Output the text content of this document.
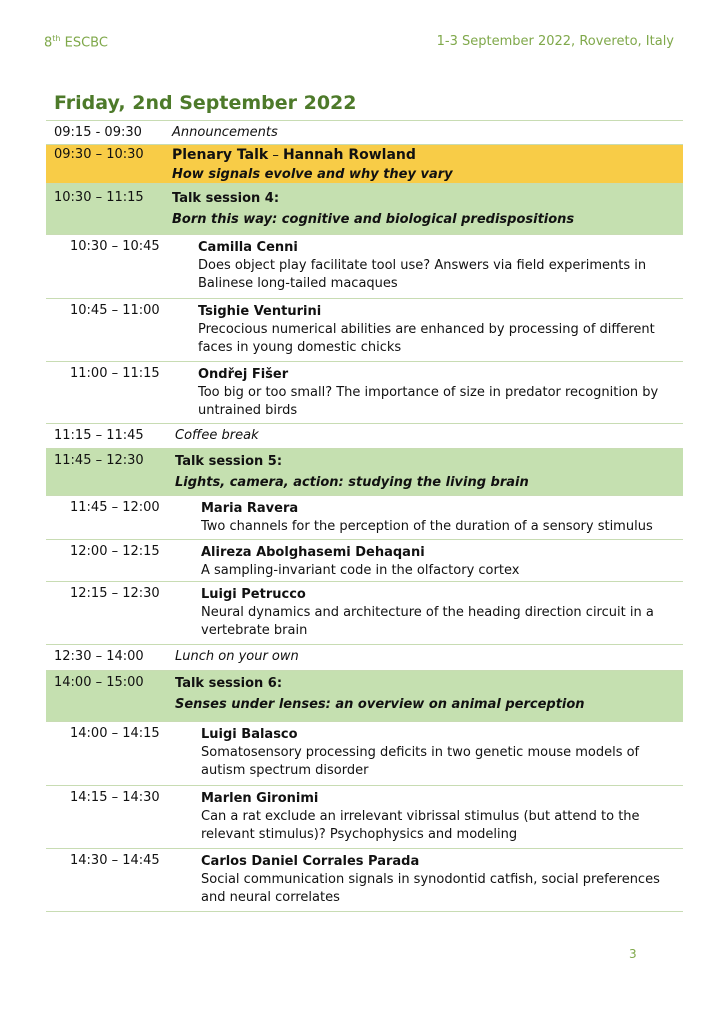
8th ESCBC	1-3 September 2022, Rovereto, Italy
Friday, 2nd September 2022
09:15 - 09:30 Announcements
09:30 – 10:30 Plenary Talk – Hannah Rowland
How signals evolve and why they vary
10:30 – 11:15 Talk session 4:
Born this way: cognitive and biological predispositions
10:30 – 10:45	Camilla Cenni
Does object play facilitate tool use? Answers via field experiments in Balinese long-tailed macaques
10:45 – 11:00	Tsighie Venturini
Precocious numerical abilities are enhanced by processing of different faces in young domestic chicks
11:00 – 11:15	Ondřej Fišer
Too big or too small? The importance of size in predator recognition by untrained birds
11:15 – 11:45 Coffee break
11:45 – 12:30 Talk session 5:
Lights, camera, action: studying the living brain
11:45 – 12:00	Maria Ravera
Two channels for the perception of the duration of a sensory stimulus
12:00 – 12:15	Alireza Abolghasemi Dehaqani
A sampling-invariant code in the olfactory cortex
12:15 – 12:30	Luigi Petrucco
Neural dynamics and architecture of the heading direction circuit in a vertebrate brain
12:30 – 14:00 Lunch on your own
14:00 – 15:00 Talk session 6:
Senses under lenses: an overview on animal perception
14:00 – 14:15	Luigi Balasco
Somatosensory processing deficits in two genetic mouse models of autism spectrum disorder
14:15 – 14:30	Marlen Gironimi
Can a rat exclude an irrelevant vibrissal stimulus (but attend to the relevant stimulus)? Psychophysics and modeling
14:30 – 14:45	Carlos Daniel Corrales Parada
Social communication signals in synodontid catfish, social preferences and neural correlates
3
